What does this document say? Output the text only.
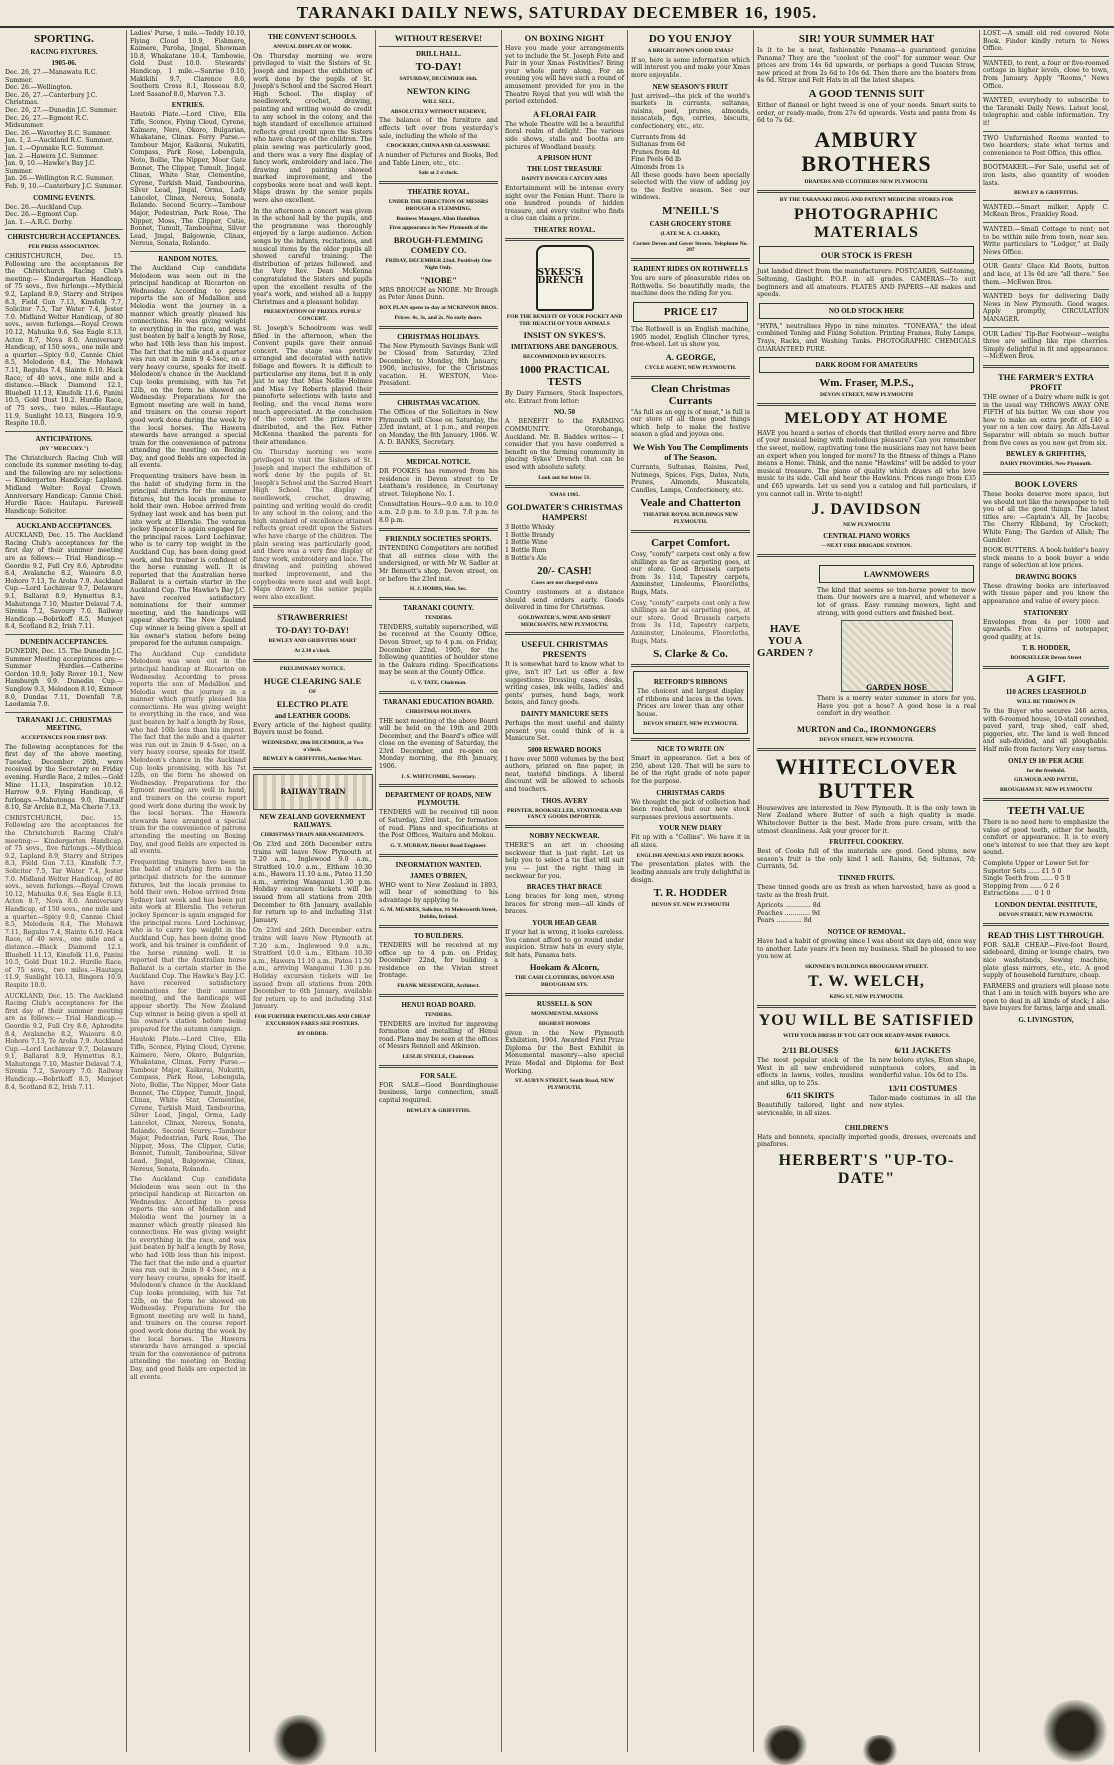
TARANAKI DAILY NEWS, SATURDAY DECEMBER 16, 1905.
SPORTING.
RACING FIXTURES.
1905-06.
Dec. 26, 27.—Manawatu R.C. Summer.
Dec. 26.—Wellington.
Dec. 26, 27.—Canterbury J.C. Christmas.
Dec. 26, 27.—Dunedin J.C. Summer.
Dec. 26, 27.—Egmont R.C. Midsummer.
Dec. 26.—Waverley R.C. Summer.
Jan. 1, 2.—Auckland R.C. Summer.
Jan. 1.—Opunake R.C. Summer.
Jan. 2.—Hawera J.C. Summer.
Jan. 9, 10.—Hawke's Bay J.C. Summer.
Jan. 26.—Wellington R.C. Summer.
Feb. 9, 10.—Canterbury J.C. Summer.
COMING EVENTS.
Dec. 26.—Auckland Cup.
Dec. 26.—Egmont Cup.
Jan. 1.—A.R.C. Derby.
CHRISTCHURCH ACCEPTANCES.
PER PRESS ASSOCIATION.

CHRISTCHURCH, Dec. 15. Following are the acceptances for the Christchurch Racing Club's meeting:— Kindergarten Handicap, of 75 sovs., five furlongs.—Mythical 9.2, Lapland 8.9, Starry and Stripes 8.3, Field Gun 7.13, Kinsfolk 7.7, Solicitor 7.5, Tar Water 7.4, Jester 7.0. Midland Welter Handicap, of 80 sovs., seven furlongs.—Royal Crown 10.12, Mahuika 9.6, Sea Eagle 8.13, Acton 8.7, Nova 8.0. Anniversary Handicap, of 150 sovs., one mile and a quarter.—Spicy 9.0, Cannie Chiel 8.5, Melodeon 8.4, The Mohawk 7.11, Regulus 7.4, Slainte 6.10. Hack Race, of 40 sovs., one mile and a distance.—Black Diamond 12.1, Bluebell 11.13, Kinsfolk 11.6, Panini 10.5, Gold Dust 10.2. Hurdle Race, of 75 sovs., two miles.—Hautapu 11.9, Sunlight 10.13, Bingora 10.9, Respite 10.0.

ANTICIPATIONS.
(BY "MERCURY.")

The Christchurch Racing Club will conclude its summer meeting to-day, and the following are my selections:— Kindergarten Handicap: Lapland. Midland Welter: Royal Crown. Anniversary Handicap: Cannie Chiel. Hurdle Race: Hautapu. Farewell Handicap: Solicitor.

AUCKLAND ACCEPTANCES.

AUCKLAND, Dec. 15. The Auckland Racing Club's acceptances for the first day of their summer meeting are as follows:— Trial Handicap.—Geordie 9.2, Full Cry 8.6, Aphrodite 8.4, Avalanche 8.2, Waiouru 8.0, Hohoro 7.13, Te Aroha 7.9. Auckland Cup.—Lord Lochinvar 9.7, Delaware 9.1, Ballarat 8.9, Hymettus 8.1, Mahutonga 7.10, Master Delaval 7.4, Sirenia 7.2, Savoury 7.0. Railway Handicap.—Bobrikoff 8.5, Munjeet 8.4, Scotland 8.2, Irish 7.11.

DUNEDIN ACCEPTANCES.

DUNEDIN, Dec. 15. The Dunedin J.C. Summer Meeting acceptances are:— Summer Hurdles.—Catherine Gordon 10.9, Jolly Rover 10.1, New Hamburgh 9.9. Dunedin Cup.—Sunglow 9.3, Melodeon 8.10, Exmoor 8.0, Dundas 7.11, Downfall 7.8, Laodamia 7.0.

TARANAKI J.C. CHRISTMAS MEETING.
ACCEPTANCES FOR FIRST DAY.

The following acceptances for the first day of the above meeting, Tuesday, December 26th, were received by the Secretary on Friday evening. Hurdle Race, 2 miles.—Gold Mine 11.13, Inspiration 10.12, Harrow 9.9. Flying Handicap, 6 furlongs.—Mahutonga 9.0, Ruenalf 8.10, Sir Archie 8.2, Ma Cherie 7.13.

CHRISTCHURCH, Dec. 15. Following are the acceptances for the Christchurch Racing Club's meeting:— Kindergarten Handicap, of 75 sovs., five furlongs.—Mythical 9.2, Lapland 8.9, Starry and Stripes 8.3, Field Gun 7.13, Kinsfolk 7.7, Solicitor 7.5, Tar Water 7.4, Jester 7.0. Midland Welter Handicap, of 80 sovs., seven furlongs.—Royal Crown 10.12, Mahuika 9.6, Sea Eagle 8.13, Acton 8.7, Nova 8.0. Anniversary Handicap, of 150 sovs., one mile and a quarter.—Spicy 9.0, Cannie Chiel 8.5, Melodeon 8.4, The Mohawk 7.11, Regulus 7.4, Slainte 6.10. Hack Race, of 40 sovs., one mile and a distance.—Black Diamond 12.1, Bluebell 11.13, Kinsfolk 11.6, Panini 10.5, Gold Dust 10.2. Hurdle Race, of 75 sovs., two miles.—Hautapu 11.9, Sunlight 10.13, Bingora 10.9, Respite 10.0.

AUCKLAND, Dec. 15. The Auckland Racing Club's acceptances for the first day of their summer meeting are as follows:— Trial Handicap.—Geordie 9.2, Full Cry 8.6, Aphrodite 8.4, Avalanche 8.2, Waiouru 8.0, Hohoro 7.13, Te Aroha 7.9. Auckland Cup.—Lord Lochinvar 9.7, Delaware 9.1, Ballarat 8.9, Hymettus 8.1, Mahutonga 7.10, Master Delaval 7.4, Sirenia 7.2, Savoury 7.0. Railway Handicap.—Bobrikoff 8.5, Munjeet 8.4, Scotland 8.2, Irish 7.11.

Ladies' Purse, 1 mile.—Teddy 10.10, Flying Cloud 10.9, Fishmere, Kaimere, Paroha, Jingal, Showman 10.8, Whakatane 10.4, Tambowie, Gold Dust 10.0. Stewards' Handicap, 1 mile.—Sunrise 9.10, Makikihi 9.7, Clarence 8.6, Southern Cross 8.1, Rosseau 8.0, Lord Sasanof 8.0, Marvon 7.3.

ENTRIES.

Hautoki Plate.—Lord Clive, Ella Tiffe, Sconce, Flying Cloud, Cyrene, Kaimere, Nero, Okoro, Bulgarian, Whakatane, Clinax. Ferry Purse.—Tambour Major, Kaikorai, Nukutiti, Compass, Park Rose, Lobengula, Noto, Bollie, The Nipper, Moor Gate Bonnet, The Clipper, Tumult, Jingal, Clinax, White Star, Clementine, Cyrene, Turkish Maid, Tambourina, Silver Lead, Jingal, Orma, Lady Lancelot, Clinax, Nereus, Sonata, Rolando. Second Scurry.—Tambour Major, Pedestrian, Park Rose, The Nipper, Moss, The Clipper, Cutie, Bonnet, Tumult, Tambourina, Silver Lead, Jingal, Balgownie, Clinax, Nereus, Sonata, Rolando.

RANDOM NOTES.

The Auckland Cup candidate Melodeon was seen out in the principal handicap at Riccarton on Wednesday. According to press reports the son of Medallion and Melodia went the journey in a manner which greatly pleased his connections. He was giving weight to everything in the race, and was just beaten by half a length by Rose, who had 10lb less than his impost. The fact that the mile and a quarter was run out in 2min 9 4-5sec, on a very heavy course, speaks for itself. Melodeon's chance in the Auckland Cup looks promising, with his 7st 12lb, on the form he showed on Wednesday. Preparations for the Egmont meeting are well in hand, and trainers on the course report good work done during the week by the local horses. The Hawera stewards have arranged a special train for the convenience of patrons attending the meeting on Boxing Day, and good fields are expected in all events.

Frequenting trainers have been in the habit of studying form in the principal districts for the summer fixtures, but the locals promise to hold their own. Hoboe arrived from Sydney last week and has been put into work at Ellerslie. The veteran jockey Spencer is again engaged for the principal races. Lord Lochinvar, who is to carry top weight in the Auckland Cup, has been doing good work, and his trainer is confident of the horse running well. It is reported that the Australian horse Ballarat is a certain starter in the Auckland Cup. The Hawke's Bay J.C. have received satisfactory nominations for their summer meeting, and the handicaps will appear shortly. The New Zealand Cup winner is being given a spell at his owner's station before being prepared for the autumn campaign.

The Auckland Cup candidate Melodeon was seen out in the principal handicap at Riccarton on Wednesday. According to press reports the son of Medallion and Melodia went the journey in a manner which greatly pleased his connections. He was giving weight to everything in the race, and was just beaten by half a length by Rose, who had 10lb less than his impost. The fact that the mile and a quarter was run out in 2min 9 4-5sec, on a very heavy course, speaks for itself. Melodeon's chance in the Auckland Cup looks promising, with his 7st 12lb, on the form he showed on Wednesday. Preparations for the Egmont meeting are well in hand, and trainers on the course report good work done during the week by the local horses. The Hawera stewards have arranged a special train for the convenience of patrons attending the meeting on Boxing Day, and good fields are expected in all events.

Frequenting trainers have been in the habit of studying form in the principal districts for the summer fixtures, but the locals promise to hold their own. Hoboe arrived from Sydney last week and has been put into work at Ellerslie. The veteran jockey Spencer is again engaged for the principal races. Lord Lochinvar, who is to carry top weight in the Auckland Cup, has been doing good work, and his trainer is confident of the horse running well. It is reported that the Australian horse Ballarat is a certain starter in the Auckland Cup. The Hawke's Bay J.C. have received satisfactory nominations for their summer meeting, and the handicaps will appear shortly. The New Zealand Cup winner is being given a spell at his owner's station before being prepared for the autumn campaign.

Hautoki Plate.—Lord Clive, Ella Tiffe, Sconce, Flying Cloud, Cyrene, Kaimere, Nero, Okoro, Bulgarian, Whakatane, Clinax. Ferry Purse.—Tambour Major, Kaikorai, Nukutiti, Compass, Park Rose, Lobengula, Noto, Bollie, The Nipper, Moor Gate Bonnet, The Clipper, Tumult, Jingal, Clinax, White Star, Clementine, Cyrene, Turkish Maid, Tambourina, Silver Lead, Jingal, Orma, Lady Lancelot, Clinax, Nereus, Sonata, Rolando. Second Scurry.—Tambour Major, Pedestrian, Park Rose, The Nipper, Moss, The Clipper, Cutie, Bonnet, Tumult, Tambourina, Silver Lead, Jingal, Balgownie, Clinax, Nereus, Sonata, Rolando.

The Auckland Cup candidate Melodeon was seen out in the principal handicap at Riccarton on Wednesday. According to press reports the son of Medallion and Melodia went the journey in a manner which greatly pleased his connections. He was giving weight to everything in the race, and was just beaten by half a length by Rose, who had 10lb less than his impost. The fact that the mile and a quarter was run out in 2min 9 4-5sec, on a very heavy course, speaks for itself. Melodeon's chance in the Auckland Cup looks promising, with his 7st 12lb, on the form he showed on Wednesday. Preparations for the Egmont meeting are well in hand, and trainers on the course report good work done during the week by the local horses. The Hawera stewards have arranged a special train for the convenience of patrons attending the meeting on Boxing Day, and good fields are expected in all events.

THE CONVENT SCHOOLS.
ANNUAL DISPLAY OF WORK.

On Thursday morning we were privileged to visit the Sisters of St. Joseph and inspect the exhibition of work done by the pupils of St. Joseph's School and the Sacred Heart High School. The display of needlework, crochet, drawing, painting and writing would do credit to any school in the colony, and the high standard of excellence attained reflects great credit upon the Sisters who have charge of the children. The plain sewing was particularly good, and there was a very fine display of fancy work, embroidery and lace. The drawing and painting showed marked improvement, and the copybooks were neat and well kept. Maps drawn by the senior pupils were also excellent.

In the afternoon a concert was given in the school hall by the pupils, and the programme was thoroughly enjoyed by a large audience. Action songs by the infants, recitations, and musical items by the older pupils all showed careful training. The distribution of prizes followed, and the Very Rev. Dean McKenna congratulated the Sisters and pupils upon the excellent results of the year's work, and wished all a happy Christmas and a pleasant holiday.

PRESENTATION OF PRIZES. PUPILS' CONCERT.

St. Joseph's Schoolroom was well filled in the afternoon, when the Convent pupils gave their annual concert. The stage was prettily arranged and decorated with native foliage and flowers. It is difficult to particularise any items, but it is only just to say that Miss Nellie Holmes and Miss Ivy Roberts played their pianoforte selections with taste and feeling, and the vocal items were much appreciated. At the conclusion of the concert the prizes were distributed, and the Rev. Father McKenna thanked the parents for their attendance.

On Thursday morning we were privileged to visit the Sisters of St. Joseph and inspect the exhibition of work done by the pupils of St. Joseph's School and the Sacred Heart High School. The display of needlework, crochet, drawing, painting and writing would do credit to any school in the colony, and the high standard of excellence attained reflects great credit upon the Sisters who have charge of the children. The plain sewing was particularly good, and there was a very fine display of fancy work, embroidery and lace. The drawing and painting showed marked improvement, and the copybooks were neat and well kept. Maps drawn by the senior pupils were also excellent.

STRAWBERRIES!
TO-DAY! TO-DAY!
BEWLEY AND GRIFFITHS MART
At 2.30 o'clock.
PRELIMINARY NOTICE.
HUGE CLEARING SALE
OF
ELECTRO PLATE
and LEATHER GOODS.

Every article of the highest quality. Buyers must be found.

WEDNESDAY, 20th DECEMBER, at Two o'clock.
BEWLEY & GRIFFITHS, Auction Mart.
RAILWAY TRAIN
NEW ZEALAND GOVERNMENT RAILWAYS.
CHRISTMAS TRAIN ARRANGEMENTS.

On 23rd and 26th December extra trains will leave New Plymouth at 7.20 a.m., Inglewood 9.0 a.m., Stratford 10.0 a.m., Eltham 10.30 a.m., Hawera 11.10 a.m., Patea 11.50 a.m., arriving Wanganui 1.30 p.m. Holiday excursion tickets will be issued from all stations from 20th December to 6th January, available for return up to and including 31st January.

On 23rd and 26th December extra trains will leave New Plymouth at 7.20 a.m., Inglewood 9.0 a.m., Stratford 10.0 a.m., Eltham 10.30 a.m., Hawera 11.10 a.m., Patea 11.50 a.m., arriving Wanganui 1.30 p.m. Holiday excursion tickets will be issued from all stations from 20th December to 6th January, available for return up to and including 31st January.

FOR FURTHER PARTICULARS AND CHEAP EXCURSION FARES SEE POSTERS.
BY ORDER.
WITHOUT RESERVE!
DRILL HALL.
TO-DAY!
SATURDAY, DECEMBER 16th.
NEWTON KING
WILL SELL,
ABSOLUTELY WITHOUT RESERVE,

The balance of the furniture and effects left over from yesterday's sale, including the whole of the

CROCKERY, CHINA AND GLASSWARE.

A number of Pictures and Books, Bed and Table Linen, etc., etc.

Sale at 2 o'clock.
THEATRE ROYAL.
UNDER THE DIRECTION OF MESSRS BROUGH & FLEMMING.
Business Manager, Allan Hamilton.
First appearance in New Plymouth of the
BROUGH-FLEMMING COMEDY CO.
FRIDAY, DECEMBER 22nd. Positively One Night Only.
"NIOBE"

MRS BROUGH as NIOBE. Mr Brough as Peter Amos Dunn.

BOX PLAN opens to-day at MCKINNON BROS.
Prices: 4s, 3s, and 2s. No early doors.
CHRISTMAS HOLIDAYS.

The New Plymouth Savings Bank will be Closed from Saturday, 23rd December, to Monday, 8th January, 1906, inclusive, for the Christmas vacation. H. WESTON, Vice-President.

CHRISTMAS VACATION.

The Offices of the Solicitors in New Plymouth will Close on Saturday, the 23rd instant, at 1 p.m., and reopen on Monday, the 8th January, 1906. W. A. D. BANKS, Secretary.

MEDICAL NOTICE.

DR FOOKES has removed from his residence in Devon street to Dr Leatham's residence, in Courtenay street. Telephone No. 1.

Consultation Hours—9.0 a.m. to 10.0 a.m. 2.0 p.m. to 3.0 p.m. 7.0 p.m. to 8.0 p.m.

FRIENDLY SOCIETIES SPORTS.

INTENDING Competitors are notified that all entries close with the undersigned, or with Mr W. Sadler at Mr Bennett's shop, Devon street, on or before the 23rd inst.

H. J. HOBBS, Hon. Sec.
TARANAKI COUNTY.
TENDERS.

TENDERS, suitably superscribed, will be received at the County Office, Devon Street, up to 4 p.m. on Friday, December 22nd, 1905, for the following quantities of boulder stone in the Oakura riding. Specifications may be seen at the County Office.

G. V. TATE, Chairman.
TARANAKI EDUCATION BOARD.
CHRISTMAS HOLIDAYS.

THE next meeting of the above Board will be held on the 19th and 20th December, and the Board's office will close on the evening of Saturday, the 23rd December, and re-open on Monday morning, the 8th January, 1906.

J. S. WHITCOMBE, Secretary.
DEPARTMENT OF ROADS, NEW PLYMOUTH.

TENDERS will be received till noon of Saturday, 23rd inst., for formation of road. Plans and specifications at the Post Offices, Waitara and Mokau.

G. T. MURRAY, District Road Engineer.
INFORMATION WANTED.
JAMES O'BRIEN,

WHO went to New Zealand in 1893, will hear of something to his advantage by applying to

G. M. MEARES, Solicitor, 16 Molesworth Street, Dublin, Ireland.
TO BUILDERS.

TENDERS will be received at my office up to 4 p.m. on Friday, December 22nd, for building a residence on the Vivian street frontage.

FRANK MESSENGER, Architect.
HENUI ROAD BOARD.
TENDERS.

TENDERS are invited for improving formation and metalling of Henui road. Plans may be seen at the offices of Messrs Rennell and Atkinson.

LESLIE STEELE, Chairman.
FOR SALE.

FOR SALE—Good Boardinghouse business, large connection, small capital required.

BEWLEY & GRIFFITHS.
ON BOXING NIGHT

Have you made your arrangements yet to include the St. Joseph Fete and Fair in your Xmas Festivities? Bring your whole party along. For an evening you will have such a round of amusement provided for you in the Theatre Royal that you will wish the period extended.

A FLORAI FAIR

The whole Theatre will be a beautiful floral realm of delight. The various side shows, stalls and booths are pictures of Woodland beauty.

A PRISON HUNT
THE LOST TREASURE
DAINTY DANCES CATCHY AIRS

Entertainment will be intense every night over the Fenian Hunt. There is one hundred pounds of hidden treasure, and every visitor who finds a clue can claim a prize.

THEATRE ROYAL.
SYKES'S DRENCH
FOR THE BENEFIT OF YOUR POCKET AND THE HEALTH OF YOUR ANIMALS
INSIST ON SYKES'S.
IMITATIONS ARE DANGEROUS.
RECOMMENDED BY RESULTS.
1000 PRACTICAL TESTS

By Dairy Farmers, Stock Inspectors, etc. Extract from letter:

NO. 50

A BENEFIT to the FARMING COMMUNITY. Otorohanga, Auckland. Mr. B. Baddes writes:— I consider that you have conferred a benefit on the farming community in placing Sykes' Drench that can be used with absolute safety.

Look out for letter 51.
XMAS 1905.
GOLDWATER'S CHRISTMAS HAMPERS!
3 Bottle Whisky
1 Bottle Brandy
1 Bottle Wine
1 Bottle Rum
8 Bottle's Ale
20/- CASH!
Cases are not charged extra

Country customers at a distance should send orders early. Goods delivered in time for Christmas.

GOLDWATER'S, WINE AND SPIRIT MERCHANTS, NEW PLYMOUTH.
USEFUL CHRISTMAS PRESENTS

It is somewhat hard to know what to give, isn't it? Let us offer a few suggestions: Dressing cases, desks, writing cases, ink wells, ladies' and gents' purses, hand bags, work boxes, and fancy goods.

DAINTY MANICURE SETS

Perhaps the most useful and dainty present you could think of is a Manicure Set.

5000 REWARD BOOKS

I have over 5000 volumes by the best authors, printed on fine paper, in neat, tasteful bindings. A liberal discount will be allowed to schools and teachers.

THOS. AVERY
PRINTER, BOOKSELLER, STATIONER AND FANCY GOODS IMPORTER.
NOBBY NECKWEAR.

THERE'S an art in choosing neckwear that is just right. Let us help you to select a tie that will suit you — just the right thing in neckwear for you.

BRACES THAT BRACE

Long braces for long men, strong braces for strong men—all kinds of braces.

YOUR HEAD GEAR

If your hat is wrong, it looks careless. You cannot afford to go round under suspicion. Straw hats in every style, felt hats, Panama hats.

Hookam & Alcorn,
THE CASH CLOTHIERS, DEVON AND BROUGHAM STS.
RUSSELL & SON
MONUMENTAL MASONS
HIGHEST HONORS

given in the New Plymouth Exhibition, 1904. Awarded First Prize Diploma for the Best Exhibit in Monumental masonry—also special Prize Medal and Diploma for Best Working.

ST. AUBYN STREET, South Road, NEW PLYMOUTH.
DO YOU ENJOY
A BRIGHT DOWN GOOD XMAS?

If so, here is some information which will interest you and make your Xmas more enjoyable.

NEW SEASON'S FRUIT

Just arrived—the pick of the world's markets in currants, sultanas, raisins, peel, prunes, almonds, muscatels, figs, cerries, biscuits, confectionery, etc., etc.

Currants from 4d
Sultanas from 6d
Prunes from 4d
Fine Peels 6d lb
Almonds from 1s

All these goods have been specially selected with the view of adding joy to the festive season. See our windows.

M'NEILL'S
CASH GROCERY STORE
(LATE M. A. CLARKE),
Corner Devon and Gover Streets. Telephone No. 207
RADIENT RIDES ON ROTHWELLS

You are sure of pleasurable rides on Rothwells. So beautifully made, the machine does the riding for you.

PRICE £17

The Rothwell is an English machine, 1905 model, English Clincher tyres, free-wheel. Let us show you.

A. GEORGE,
CYCLE AGENT, NEW PLYMOUTH.
Clean Christmas Currants

"As full as an egg is of meat," is full is our store of all those good things which help to make the festive season a glad and joyous one.

We Wish You The Compliments of The Season.

Currants, Sultanas, Raisins, Peel, Nutmegs, Spices, Figs, Dates, Nuts, Prunes, Almonds, Muscatels, Candles, Lamps, Confectionery, etc.

Veale and Chatterton
THEATRE ROYAL BUILDINGS NEW PLYMOUTH.
Carpet Comfort.

Cosy, "comfy" carpets cost only a few shillings as far as carpeting goes, at our store. Good Brussels carpets from 3s 11d, Tapestry carpets, Axminster, Linoleums, Floorcloths, Rugs, Mats.

Cosy, "comfy" carpets cost only a few shillings as far as carpeting goes, at our store. Good Brussels carpets from 3s 11d, Tapestry carpets, Axminster, Linoleums, Floorcloths, Rugs, Mats.

S. Clarke & Co.
RETFORD'S RIBBONS

The choicest and largest display of ribbons and laces in the town. Prices are lower than any other house.

DEVON STREET, NEW PLYMOUTH.
NICE TO WRITE ON

Smart in appearance. Get a box of 250, about 120. That will be sure to be of the right grade of note paper for the purpose.

CHRISTMAS CARDS

We thought the pick of collection had been reached, but our new stock surpasses previous assortments.

YOUR NEW DIARY

Fit up with a "Collins". We have it in all sizes.

ENGLISH ANNUALS AND PRIZE BOOKS.

The presentation plates with the leading annuals are truly delightful in design.

T. R. HODDER
DEVON ST. NEW PLYMOUTH
SIR! YOUR SUMMER HAT

Is it to be a neat, fashionable Panama—a guaranteed genuine Panama? They are the "coolest of the cool" for summer wear. Our prices are from 14s 6d upwards, or perhaps a good Tuscan Straw, new priced at from 2s 6d to 10s 6d. Then there are the boaters from 4s 6d. Straw and Felt Hats in all the latest shapes.

A GOOD TENNIS SUIT

Either of flannel or light tweed is one of your needs. Smart suits to order, or ready-made, from 27s 6d upwards. Vests and pants from 4s 6d to 7s 6d.

AMBURY BROTHERS
DRAPERS AND CLOTHIERS NEW PLYMOUTH.
BY THE TARANAKI DRUG AND PATENT MEDICINE STORES FOR
PHOTOGRAPHIC MATERIALS
OUR STOCK IS FRESH

Just landed direct from the manufacturers: POSTCARDS, Self-toning, Seltoning, Gaslight. P.O.P. in all grades. CAMERAS—To suit beginners and all amateurs. PLATES AND PAPERS—All makes and speeds.

NO OLD STOCK HERE

"HYPA," neutralises Hypo in nine minutes. "TONEAYA," the ideal combined Toning and Fixing Solution. Printing Frames, Ruby Lamps, Trays, Racks, and Washing Tanks. PHOTOGRAPHIC CHEMICALS GUARANTEED PURE.

DARK ROOM FOR AMATEURS
Wm. Fraser, M.P.S.,
DEVON STREET, NEW PLYMOUTH
MELODY AT HOME

HAVE you heard a series of chords that thrilled every nerve and fibre of your musical being with melodious pleasure? Can you remember the sweet, mellow, captivating tone the musicians may not have been an expert when you longed for more? In the fitness of things a Piano means a Home. Think, and the name "Hawkins" will be added to your musical treasure. The piano of quality which draws all who love music to its side. Call and hear the Hawkins. Prices range from £35 and £65 upwards. Let us send you a catalog and full particulars, if you cannot call in. Write to-night!

J. DAVIDSON
NEW PLYMOUTH
CENTRAL PIANO WORKS
—NEXT FIRE BRIGADE STATION.
HAVE YOU A GARDEN ?
LAWNMOWERS

The kind that seems so ten-horse power to mow them. Our mowers are a marvel, and whenever a lot of grass. Easy running mowers, light and strong, with good cutters and finished best.

GARDEN HOSE

There is a merry water summer in store for you. Have you got a hose? A good hose is a real comfort in dry weather.

MURTON and Co., IRONMONGERS
DEVON STREET, NEW PLYMOUTH.
WHITECLOVER BUTTER

Housewives are interested in New Plymouth. It is the only town in New Zealand where Butter of such a high quality is made. Whiteclover Butter is the best. Made from pure cream, with the utmost cleanliness. Ask your grocer for it.

FRUITFUL COOKERY.

Best of Cooks full of the materials are good. Good plums, new season's fruit is the only kind I sell. Raisins, 6d; Sultanas, 7d; Currants, 5d.

TINNED FRUITS.

These tinned goods are as fresh as when harvested, have as good a taste as the fresh fruit.

Apricots ............. 8d
Peaches ............. 9d
Pears ............. 8d
NOTICE OF REMOVAL.

Have had a habit of growing since I was about six days old, once way to another. Late years it's been my business. Shall be pleased to see you now at

SKINNER'S BUILDINGS BROUGHAM STREET.
T. W. WELCH,
KING ST, NEW PLYMOUTH.
YOU WILL BE SATISFIED
WITH YOUR DRESS IF YOU GET OUR READY-MADE FABRICS.
2/11 BLOUSES

The most popular stock of the West in all new embroidered effects in lawns, voiles, muslins and silks, up to 25s.

6/11 SKIRTS

Beautifully tailored, light and serviceable, in all sizes.

6/11 JACKETS

In new bolero styles, Eton shape, sumptuous colors, and in wonderful value. 10s 6d to 15s.

13/11 COSTUMES

Tailor-made costumes in all the new styles.

CHILDREN'S

Hats and bonnets, specially imported goods, dresses, overcoats and pinafores.

HERBERT'S "UP-TO-DATE"

LOST.—A small old red covered Note Book. Finder kindly return to News Office.

WANTED, to rent, a four or five-roomed cottage in higher levels, close to town, from January. Apply "Rooms," News Office.

WANTED, everybody to subscribe to the Taranaki Daily News. Latest local, telegraphic and cable information. Try it!

TWO Unfurnished Rooms wanted to two boarders; state what terms and convenience to Post Office, this office.

BOOTMAKER.—For Sale, useful set of iron lasts, also quantity of wooden lasts.

BEWLEY & GRIFFITHS.

WANTED.—Smart milker. Apply C. McKean Bros., Frankley Road.

WANTED.—Small Cottage to rent; not to be within mile from town, near sea. Write particulars to "Lodger," at Daily News Office.

OUR Gents' Glace Kid Boots, button and lace, at 13s 6d are "all there." See them.—McEwen Bros.

WANTED boys for delivering Daily News in New Plymouth. Good wages. Apply promptly, CIRCULATION MANAGER.

OUR Ladies' Tip-Bar Footwear—weighs three are selling like ripe cherries. Simply delightful in fit and appearance.—McEwen Bros.

THE FARMER'S EXTRA PROFIT

THE owner of a Dairy where milk is got in the usual way THROWS AWAY ONE FIFTH of his butter. We can show you how to make an extra profit of £40 a year on a ten cow dairy. An Alfa-Laval Separator will obtain so much butter from five cows as you now get from six.

BEWLEY & GRIFFITHS,
DAIRY PROVIDERS, New Plymouth.
BOOK LOVERS

These books deserve more space, but we should not like the newspaper to tell you of all the good things. The latest titles are: —Captain's All, by Jacobs; The Cherry Ribband, by Crockett; White Fang; The Garden of Allah; The Gambler.

BOOK BUTTERS. A book-holder's heavy stock means to a book buyer a wide range of selection at low prices.

DRAWING BOOKS

These drawing books are interleaved with tissue paper and you know the appearance and value of every piece.

STATIONERY

Envelopes from 4s per 1000 and upwards. Five quires of notepaper, good quality, at 1s.

T. B. HODDER,
BOOKSELLER Devon Street
A GIFT.
110 ACRES LEASEHOLD
WILL BE THROWN IN

To the Buyer who secures 246 acres, with 6-roomed house, 10-stall cowshed, paved yard, trap shed, calf shed, piggeries, etc. The land is well fenced and sub-divided, and all ploughable. Half mile from factory. Very easy terms.

ONLY £9 10/ PER ACRE
for the freehold.
GILMOUR AND PATTIE,
BROUGHAM ST. NEW PLYMOUTH
TEETH VALUE

There is no need here to emphasize the value of good teeth, either for health, comfort or appearance. It is to every one's interest to see that they are kept sound.

Complete Upper or Lower Set for
Superior Sets ...... £1 5 0
Single Teeth from ...... 0 5 0
Stopping from ...... 0 2 6
Extractions ...... 0 1 0
LONDON DENTAL INSTITUTE,
DEVON STREET, NEW PLYMOUTH.
READ THIS LIST THROUGH.

FOR SALE CHEAP.—Five-foot Board, sideboard, dining or lounge chairs, two nice washstands, Sewing machine, plate glass mirrors, etc., etc. A good supply of household furniture, cheap.

FARMERS and graziers will please note that I am in touch with buyers who are open to deal in all kinds of stock; I also have buyers for farms, large and small.

G. LIVINGSTON,
